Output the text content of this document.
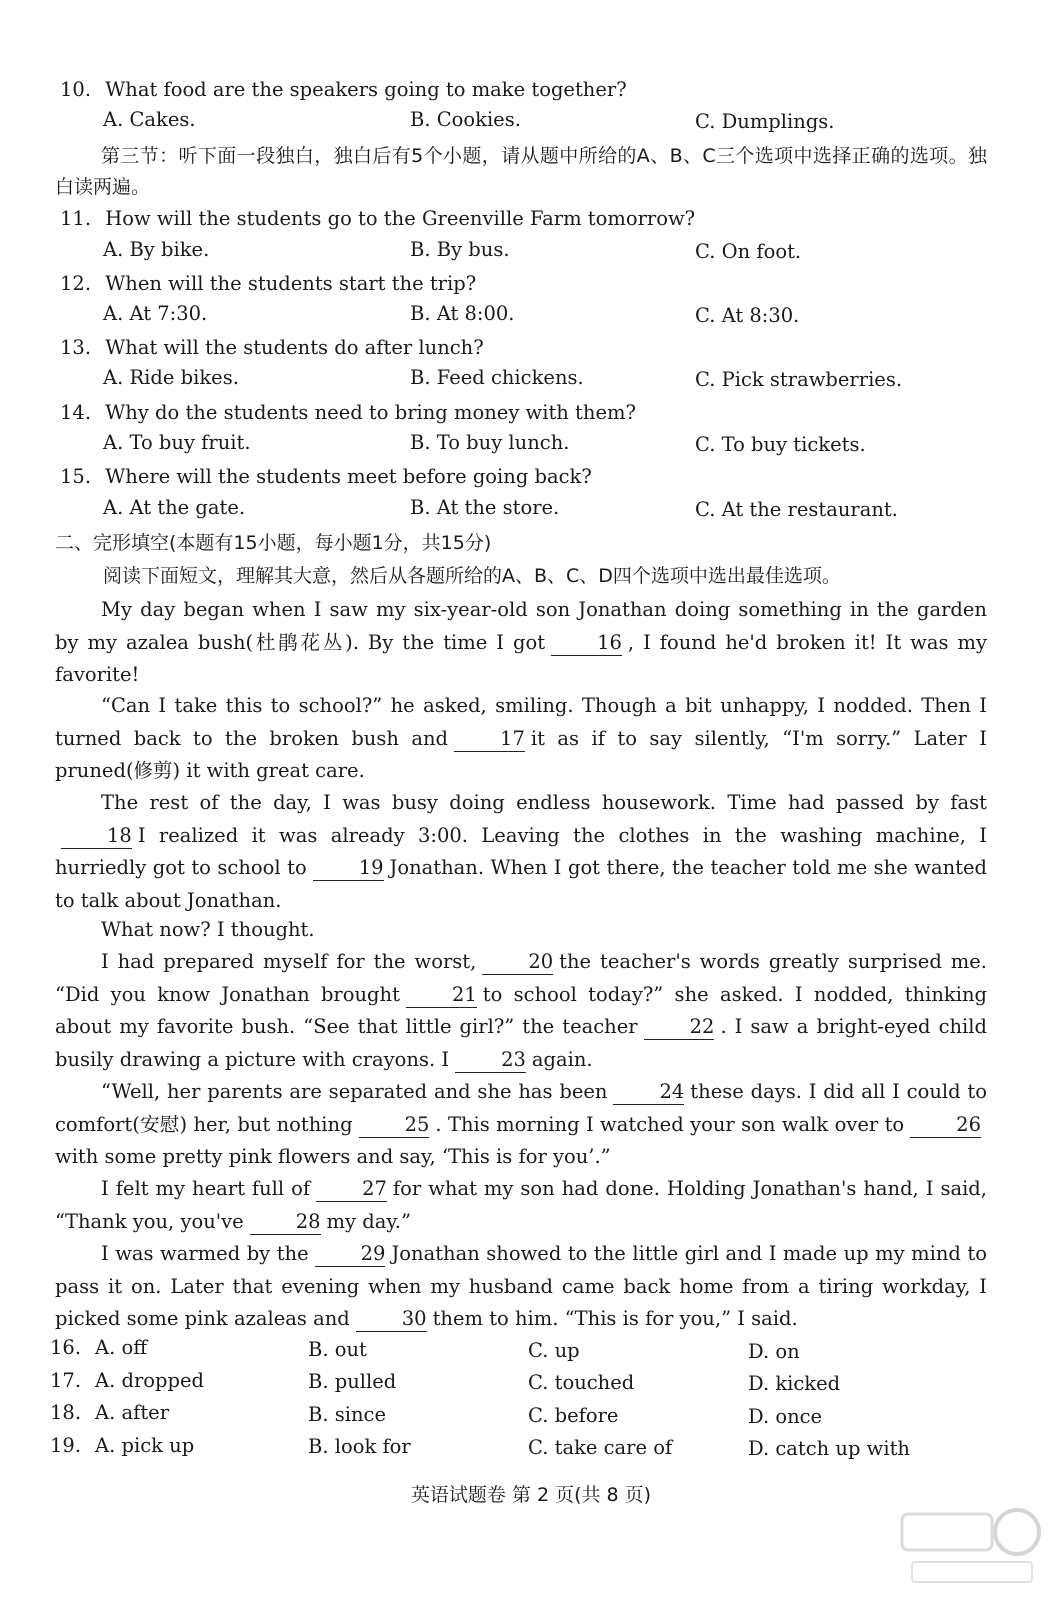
10. What food are the speakers going to make together?
A. Cakes.	B. Cookies.	C. Dumplings.
第三节：听下面一段独白，独白后有5个小题，请从题中所给的A、B、C三个选项中选择正确的选项。独白读两遍。
11. How will the students go to the Greenville Farm tomorrow?
A. By bike.	B. By bus.	C. On foot.
12. When will the students start the trip?
A. At 7:30.	B. At 8:00.	C. At 8:30.
13. What will the students do after lunch?
A. Ride bikes.	B. Feed chickens.	C. Pick strawberries.
14. Why do the students need to bring money with them?
A. To buy fruit.	B. To buy lunch.	C. To buy tickets.
15. Where will the students meet before going back?
A. At the gate.	B. At the store.	C. At the restaurant.
二、完形填空(本题有15小题，每小题1分，共15分)
阅读下面短文，理解其大意，然后从各题所给的A、B、C、D四个选项中选出最佳选项。
My day began when I saw my six-year-old son Jonathan doing something in the garden by my azalea bush(杜鹃花丛). By the time I got	16 , I found he'd broken it! It was my favorite!
“Can I take this to school?” he asked, smiling. Though a bit unhappy, I nodded. Then I turned back to the broken bush and	17 it as if to say silently, “I'm sorry.” Later I pruned(修剪) it with great care.
The rest of the day, I was busy doing endless housework. Time had passed by fast18 I realized it was already 3:00. Leaving the clothes in the washing machine, I hurriedly got to school to	19 Jonathan. When I got there, the teacher told me she wanted to talk about Jonathan.
What now? I thought.
I had prepared myself for the worst,	20 the teacher's words greatly surprised me. “Did you know Jonathan brought	21 to school today?” she asked. I nodded, thinking about my favorite bush. “See that little girl?” the teacher	22 . I saw a bright-eyed child busily drawing a picture with crayons. I	23 again.
“Well, her parents are separated and she has been	24 these days. I did all I could to comfort(安慰) her, but nothing	25 . This morning I watched your son walk over to	26with some pretty pink flowers and say, ‘This is for you’.”
I felt my heart full of	27 for what my son had done. Holding Jonathan's hand, I said, “Thank you, you've	28 my day.”
I was warmed by the	29 Jonathan showed to the little girl and I made up my mind to pass it on. Later that evening when my husband came back home from a tiring workday, I picked some pink azaleas and	30 them to him. “This is for you,” I said.
16. A. off	B. out	C. up	D. on
17. A. dropped	B. pulled	C. touched	D. kicked
18. A. after	B. since	C. before	D. once
19. A. pick up	B. look for	C. take care of	D. catch up with
英语试题卷 第 2 页(共 8 页)
